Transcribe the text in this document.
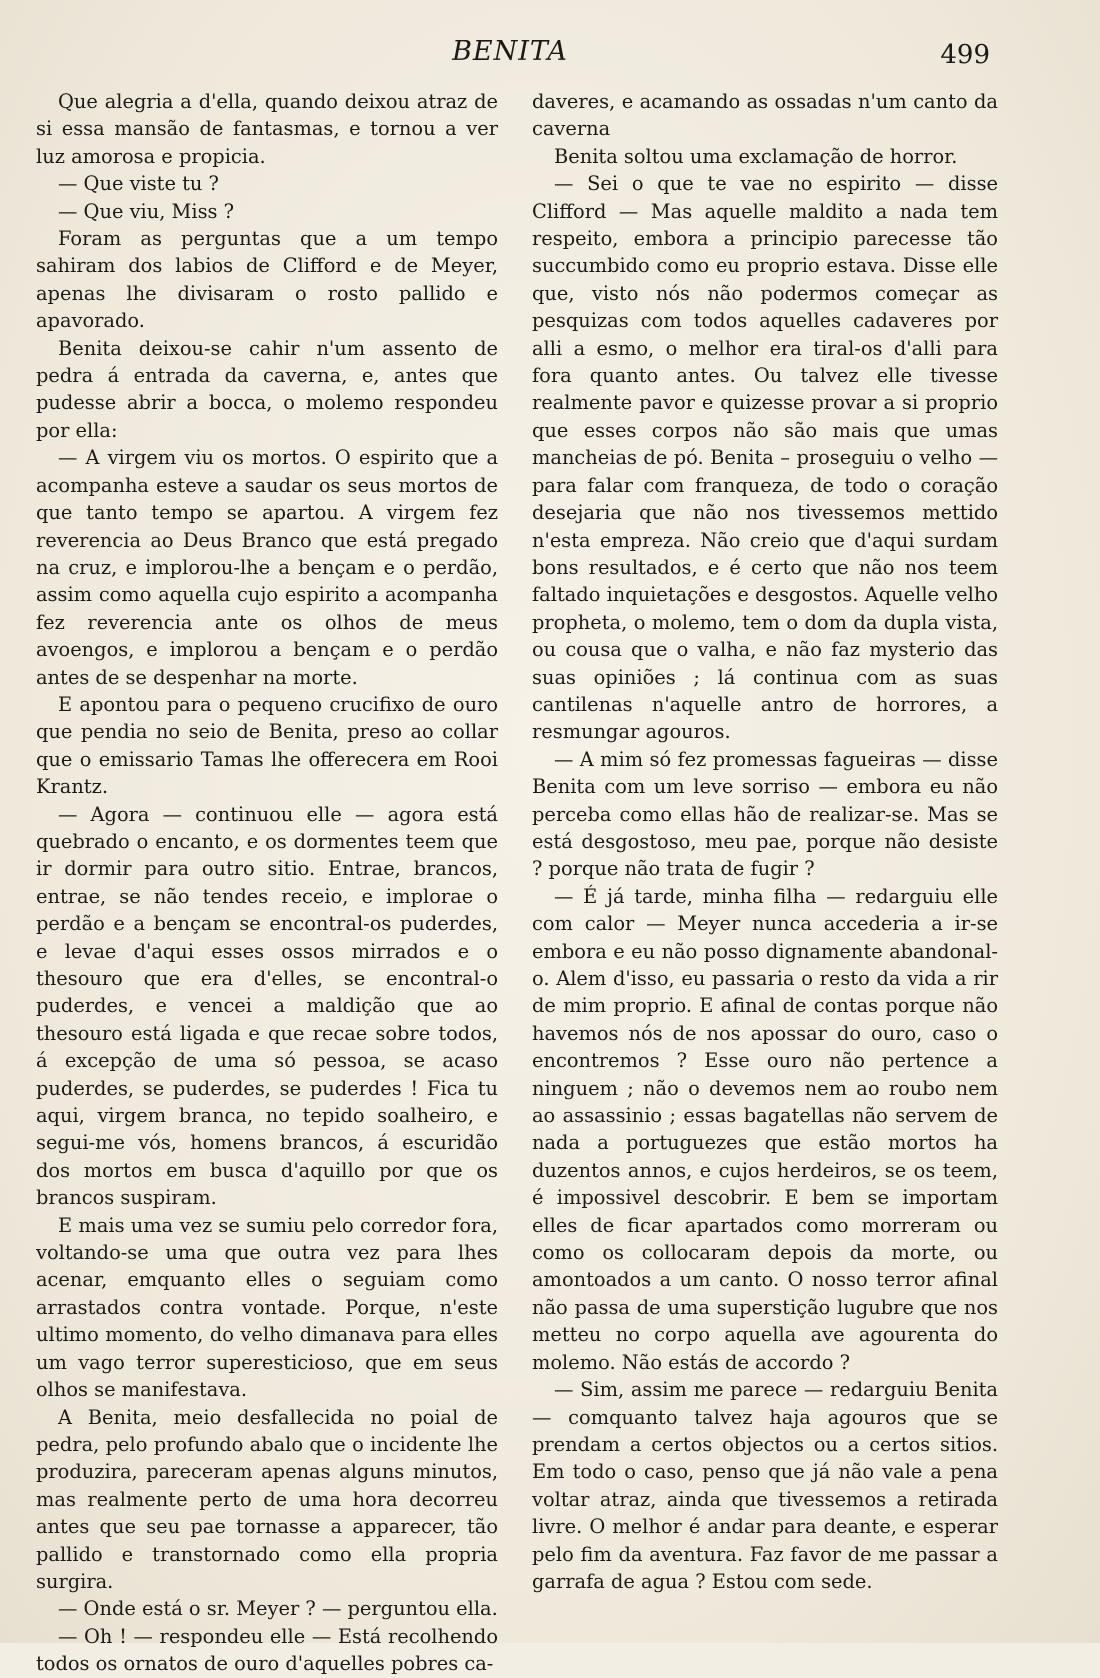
BENITA	499

Que alegria a d'ella, quando deixou atraz de si essa mansão de fantasmas, e tornou a ver luz amorosa e propicia.

— Que viste tu ?

— Que viu, Miss ?

Foram as perguntas que a um tempo sahiram dos labios de Clifford e de Meyer, apenas lhe divisaram o rosto pallido e apavorado.

Benita deixou-se cahir n'um assento de pedra á entrada da caverna, e, antes que pudesse abrir a bocca, o molemo respondeu por ella:

— A virgem viu os mortos. O espirito que a acompanha esteve a saudar os seus mortos de que tanto tempo se apartou. A virgem fez reverencia ao Deus Branco que está pregado na cruz, e implorou-lhe a bençam e o perdão, assim como aquella cujo espirito a acompanha fez reverencia ante os olhos de meus avoengos, e implorou a bençam e o perdão antes de se despenhar na morte.

E apontou para o pequeno crucifixo de ouro que pendia no seio de Benita, preso ao collar que o emissario Tamas lhe offerecera em Rooi Krantz.

— Agora — continuou elle — agora está quebrado o encanto, e os dormentes teem que ir dormir para outro sitio. Entrae, brancos, entrae, se não tendes receio, e implorae o perdão e a bençam se encontral-os puderdes, e levae d'aqui esses ossos mirrados e o thesouro que era d'elles, se encontral-o puderdes, e vencei a maldição que ao thesouro está ligada e que recae sobre todos, á excepção de uma só pessoa, se acaso puderdes, se puderdes, se puderdes ! Fica tu aqui, virgem branca, no tepido soalheiro, e segui-me vós, homens brancos, á escuridão dos mortos em busca d'aquillo por que os brancos suspiram.

E mais uma vez se sumiu pelo corredor fora, voltando-se uma que outra vez para lhes acenar, emquanto elles o seguiam como arrastados contra vontade. Porque, n'este ultimo momento, do velho dimanava para elles um vago terror superesticioso, que em seus olhos se manifestava.

A Benita, meio desfallecida no poial de pedra, pelo profundo abalo que o incidente lhe produzira, pareceram apenas alguns minutos, mas realmente perto de uma hora decorreu antes que seu pae tornasse a apparecer, tão pallido e transtornado como ella propria surgira.

— Onde está o sr. Meyer ? — perguntou ella.

— Oh ! — respondeu elle — Está recolhendo todos os ornatos de ouro d'aquelles pobres ca-

daveres, e acamando as ossadas n'um canto da caverna

Benita soltou uma exclamação de horror.

— Sei o que te vae no espirito — disse Clifford — Mas aquelle maldito a nada tem respeito, embora a principio parecesse tão succumbido como eu proprio estava. Disse elle que, visto nós não podermos começar as pesquizas com todos aquelles cadaveres por alli a esmo, o melhor era tiral-os d'alli para fora quanto antes. Ou talvez elle tivesse realmente pavor e quizesse provar a si proprio que esses corpos não são mais que umas mancheias de pó. Benita – proseguiu o velho — para falar com franqueza, de todo o coração desejaria que não nos tivessemos mettido n'esta empreza. Não creio que d'aqui surdam bons resultados, e é certo que não nos teem faltado inquietações e desgostos. Aquelle velho propheta, o molemo, tem o dom da dupla vista, ou cousa que o valha, e não faz mysterio das suas opiniões ; lá continua com as suas cantilenas n'aquelle antro de horrores, a resmungar agouros.

— A mim só fez promessas fagueiras — disse Benita com um leve sorriso — embora eu não perceba como ellas hão de realizar-se. Mas se está desgostoso, meu pae, porque não desiste ? porque não trata de fugir ?

— É já tarde, minha filha — redarguiu elle com calor — Meyer nunca accederia a ir-se embora e eu não posso dignamente abandonal-o. Alem d'isso, eu passaria o resto da vida a rir de mim proprio. E afinal de contas porque não havemos nós de nos apossar do ouro, caso o encontremos ? Esse ouro não pertence a ninguem ; não o devemos nem ao roubo nem ao assassinio ; essas bagatellas não servem de nada a portuguezes que estão mortos ha duzentos annos, e cujos herdeiros, se os teem, é impossivel descobrir. E bem se importam elles de ficar apartados como morreram ou como os collocaram depois da morte, ou amontoados a um canto. O nosso terror afinal não passa de uma superstição lugubre que nos metteu no corpo aquella ave agourenta do molemo. Não estás de accordo ?

— Sim, assim me parece — redarguiu Benita — comquanto talvez haja agouros que se prendam a certos objectos ou a certos sitios. Em todo o caso, penso que já não vale a pena voltar atraz, ainda que tivessemos a retirada livre. O melhor é andar para deante, e esperar pelo fim da aventura. Faz favor de me passar a garrafa de agua ? Estou com sede.
